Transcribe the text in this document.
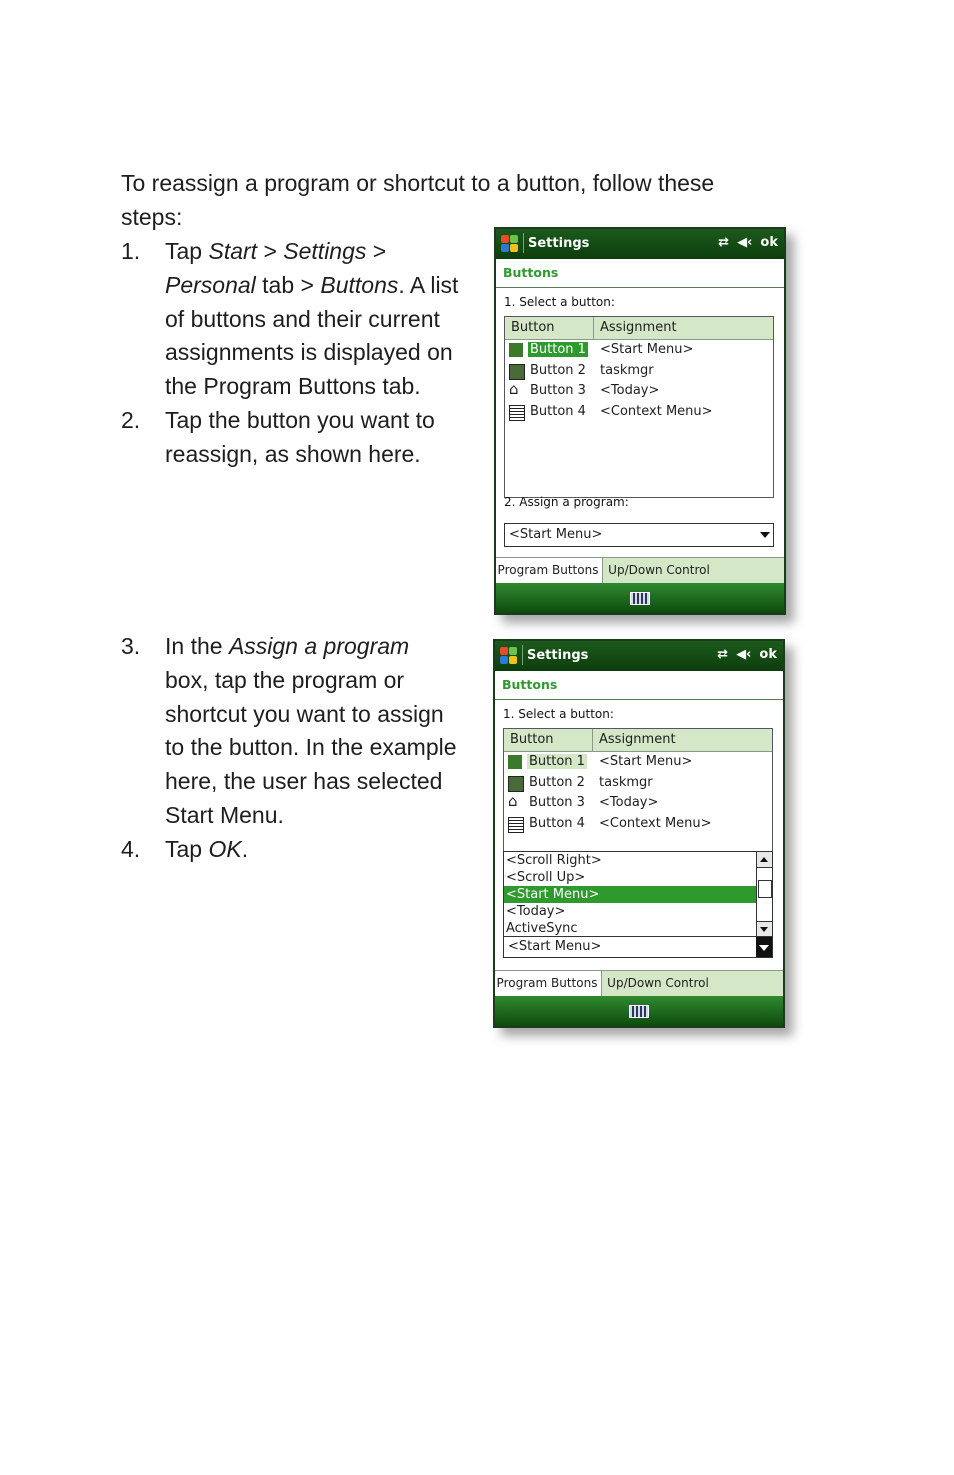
To reassign a program or shortcut to a button, follow these steps:
1. Tap Start > Settings >
Personal tab > Buttons. A list
of buttons and their current
assignments is displayed on
the Program Buttons tab.
2. Tap the button you want to
reassign, as shown here.
3. In the Assign a program
box, tap the program or
shortcut you want to assign
to the button. In the example
here, the user has selected
Start Menu.
4. Tap OK.
Settings	⇄ ◀‹ ok
Buttons
1. Select a button:
Button	Assignment
Button 1 <Start Menu>
Button 2 taskmgr
⌂ Button 3 <Today>
Button 4 <Context Menu>
2. Assign a program:
<Start Menu>
Program Buttons Up/Down Control
Settings	⇄ ◀‹ ok
Buttons
1. Select a button:
Button	Assignment
Button 1 <Start Menu>
Button 2 taskmgr
⌂ Button 3 <Today>
Button 4 <Context Menu>
<Scroll Right>
<Scroll Up>
<Start Menu>
<Today>
ActiveSync
<Start Menu>
Program Buttons Up/Down Control
